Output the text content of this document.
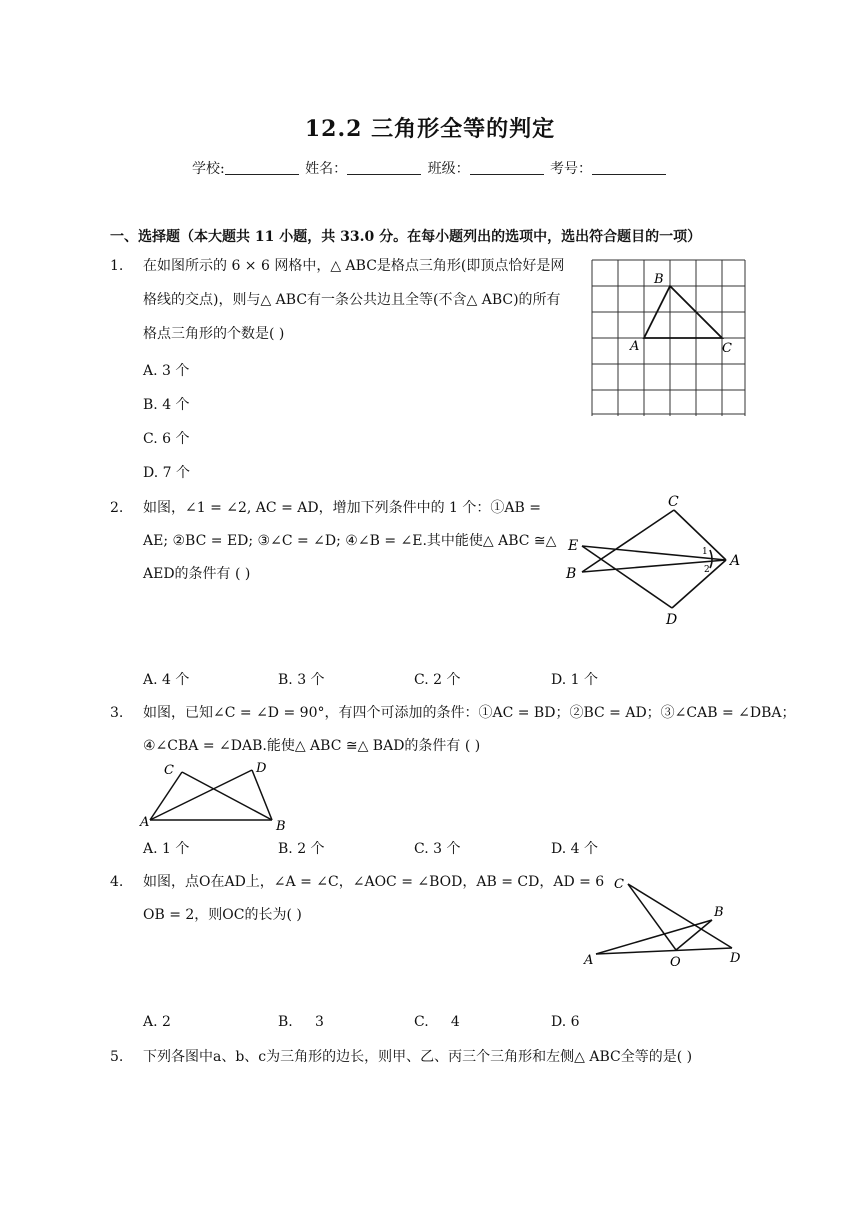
12.2 三角形全等的判定
学校:	姓名：	班级：	考号：
一、选择题（本大题共 11 小题，共 33.0 分。在每小题列出的选项中，选出符合题目的一项）
1. 在如图所示的 6 × 6 网格中，△ ABC是格点三角形(即顶点恰好是网
格线的交点)，则与△ ABC有一条公共边且全等(不含△ ABC)的所有
格点三角形的个数是( )
A. 3 个
B. 4 个
C. 6 个
D. 7 个
B
A	C
2. 如图，∠1 = ∠2, AC = AD，增加下列条件中的 1 个：①AB =
AE; ②BC = ED; ③∠C = ∠D; ④∠B = ∠E.其中能使△ ABC ≅△
AED的条件有 ( )
C
E
B
A
D
1
2
A. 4 个	B. 3 个	C. 2 个	D. 1 个
3. 如图，已知∠C = ∠D = 90°，有四个可添加的条件：①AC = BD；②BC = AD；③∠CAB = ∠DBA；
④∠CBA = ∠DAB.能使△ ABC ≅△ BAD的条件有 ( )
C	D
A	B
A. 1 个	B. 2 个	C. 3 个	D. 4 个
4. 如图，点O在AD上，∠A = ∠C，∠AOC = ∠BOD，AB = CD，AD = 6
OB = 2，则OC的长为( )
C
B
A	O	D
A. 2	B.     3	C.     4	D. 6
5. 下列各图中a、b、c为三角形的边长，则甲、乙、丙三个三角形和左侧△ ABC全等的是( )
